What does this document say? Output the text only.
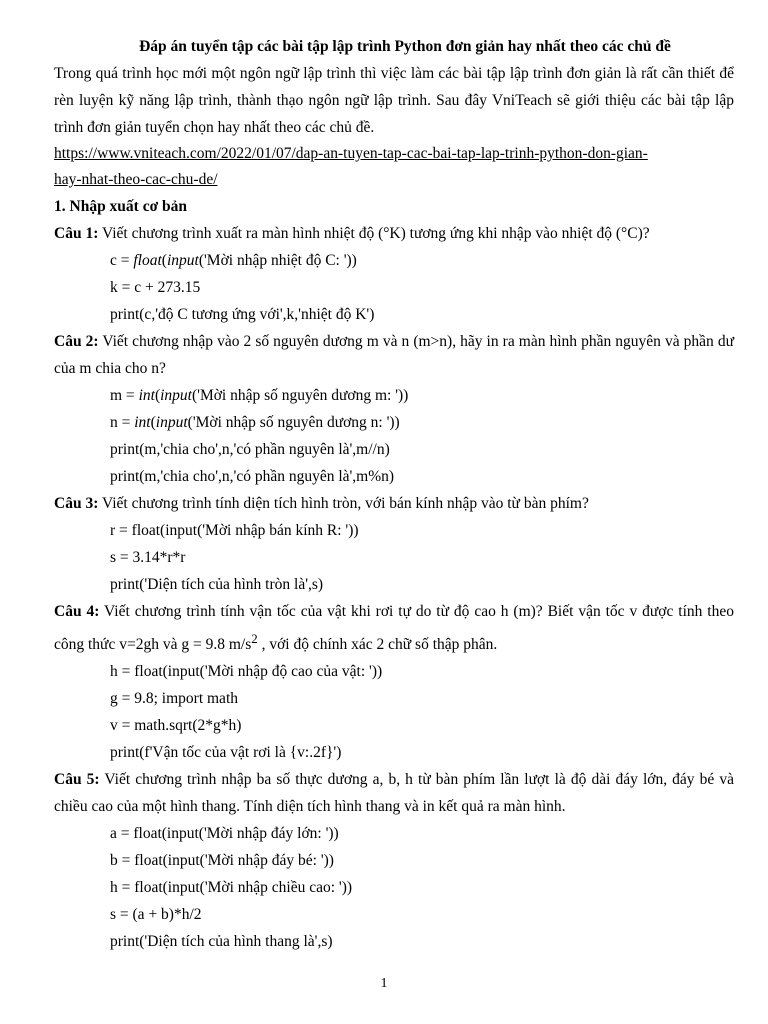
Đáp án tuyển tập các bài tập lập trình Python đơn giản hay nhất theo các chủ đề

Trong quá trình học mới một ngôn ngữ lập trình thì việc làm các bài tập lập trình đơn giản là rất cần thiết để rèn luyện kỹ năng lập trình, thành thạo ngôn ngữ lập trình. Sau đây VniTeach sẽ giới thiệu các bài tập lập trình đơn giản tuyển chọn hay nhất theo các chủ đề.

https://www.vniteach.com/2022/01/07/dap-an-tuyen-tap-cac-bai-tap-lap-trinh-python-don-gian-
hay-nhat-theo-cac-chu-de/

1. Nhập xuất cơ bản

Câu 1: Viết chương trình xuất ra màn hình nhiệt độ (°K) tương ứng khi nhập vào nhiệt độ (°C)?

c = float(input('Mời nhập nhiệt độ C: '))

k = c + 273.15

print(c,'độ C tương ứng với',k,'nhiệt độ K')

Câu 2: Viết chương nhập vào 2 số nguyên dương m và n (m>n), hãy in ra màn hình phần nguyên và phần dư của m chia cho n?

m = int(input('Mời nhập số nguyên dương m: '))

n = int(input('Mời nhập số nguyên dương n: '))

print(m,'chia cho',n,'có phần nguyên là',m//n)

print(m,'chia cho',n,'có phần nguyên là',m%n)

Câu 3: Viết chương trình tính diện tích hình tròn, với bán kính nhập vào từ bàn phím?

r = float(input('Mời nhập bán kính R: '))

s = 3.14*r*r

print('Diện tích của hình tròn là',s)

Câu 4: Viết chương trình tính vận tốc của vật khi rơi tự do từ độ cao h (m)? Biết vận tốc v được tính theo công thức v=2gh và g = 9.8 $m/s^2$ , với độ chính xác 2 chữ số thập phân.

h = float(input('Mời nhập độ cao của vật: '))

g = 9.8; import math

v = math.sqrt(2*g*h)

print(f'Vận tốc của vật rơi là {v:.2f}')

Câu 5: Viết chương trình nhập ba số thực dương a, b, h từ bàn phím lần lượt là độ dài đáy lớn, đáy bé và chiều cao của một hình thang. Tính diện tích hình thang và in kết quả ra màn hình.

a = float(input('Mời nhập đáy lớn: '))

b = float(input('Mời nhập đáy bé: '))

h = float(input('Mời nhập chiều cao: '))

s = (a + b)*h/2

print('Diện tích của hình thang là',s)

1
